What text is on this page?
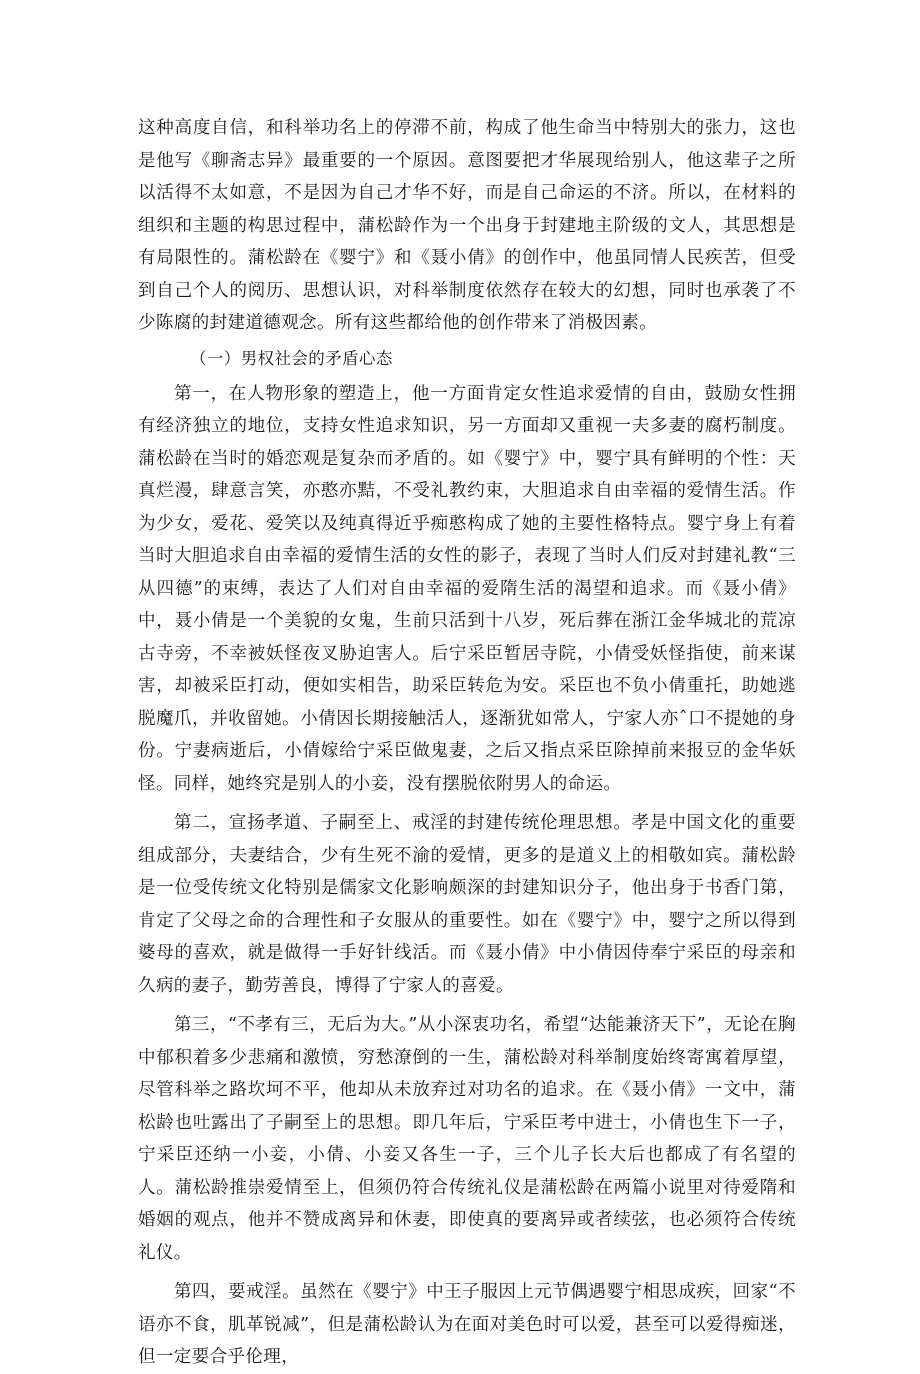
这种高度自信，和科举功名上的停滞不前，构成了他生命当中特别大的张力，这也是他写《聊斋志异》最重要的一个原因。意图要把才华展现给别人，他这辈子之所以活得不太如意，不是因为自己才华不好，而是自己命运的不济。所以，在材料的组织和主题的构思过程中，蒲松龄作为一个出身于封建地主阶级的文人，其思想是有局限性的。蒲松龄在《婴宁》和《聂小倩》的创作中，他虽同情人民疾苦，但受到自己个人的阅历、思想认识，对科举制度依然存在较大的幻想，同时也承袭了不少陈腐的封建道德观念。所有这些都给他的创作带来了消极因素。

（一）男权社会的矛盾心态

第一，在人物形象的塑造上，他一方面肯定女性追求爱情的自由，鼓励女性拥有经济独立的地位，支持女性追求知识，另一方面却又重视一夫多妻的腐朽制度。蒲松龄在当时的婚恋观是复杂而矛盾的。如《婴宁》中，婴宁具有鲜明的个性：天真烂漫，肆意言笑，亦憨亦黠，不受礼教约束，大胆追求自由幸福的爱情生活。作为少女，爱花、爱笑以及纯真得近乎痴憨构成了她的主要性格特点。婴宁身上有着当时大胆追求自由幸福的爱情生活的女性的影子，表现了当时人们反对封建礼教“三从四德”的束缚，表达了人们对自由幸福的爱隋生活的渴望和追求。而《聂小倩》中，聂小倩是一个美貌的女鬼，生前只活到十八岁，死后葬在浙江金华城北的荒凉古寺旁，不幸被妖怪夜叉胁迫害人。后宁采臣暂居寺院，小倩受妖怪指使，前来谋害，却被采臣打动，便如实相告，助采臣转危为安。采臣也不负小倩重托，助她逃脱魔爪，并收留她。小倩因长期接触活人，逐渐犹如常人，宁家人亦ˆ口不提她的身份。宁妻病逝后，小倩嫁给宁采臣做鬼妻，之后又指点采臣除掉前来报豆的金华妖怪。同样，她终究是别人的小妾，没有摆脱依附男人的命运。

第二，宣扬孝道、子嗣至上、戒淫的封建传统伦理思想。孝是中国文化的重要组成部分，夫妻结合，少有生死不渝的爱情，更多的是道义上的相敬如宾。蒲松龄是一位受传统文化特别是儒家文化影响颇深的封建知识分子，他出身于书香门第，肯定了父母之命的合理性和子女服从的重要性。如在《婴宁》中，婴宁之所以得到婆母的喜欢，就是做得一手好针线活。而《聂小倩》中小倩因侍奉宁采臣的母亲和久病的妻子，勤劳善良，博得了宁家人的喜爱。

第三，“不孝有三，无后为大。”从小深衷功名，希望“达能兼济天下”，无论在胸中郁积着多少悲痛和激愤，穷愁潦倒的一生，蒲松龄对科举制度始终寄寓着厚望，尽管科举之路坎坷不平，他却从未放弃过对功名的追求。在《聂小倩》一文中，蒲松龄也吐露出了子嗣至上的思想。即几年后，宁采臣考中进士，小倩也生下一子，宁采臣还纳一小妾，小倩、小妾又各生一子，三个儿子长大后也都成了有名望的人。蒲松龄推崇爱情至上，但须仍符合传统礼仪是蒲松龄在两篇小说里对待爱隋和婚姻的观点，他并不赞成离异和休妻，即使真的要离异或者续弦，也必须符合传统礼仪。

第四，要戒淫。虽然在《婴宁》中王子服因上元节偶遇婴宁相思成疾，回家“不语亦不食，肌革锐减”，但是蒲松龄认为在面对美色时可以爱，甚至可以爱得痴迷，但一定要合乎伦理，
